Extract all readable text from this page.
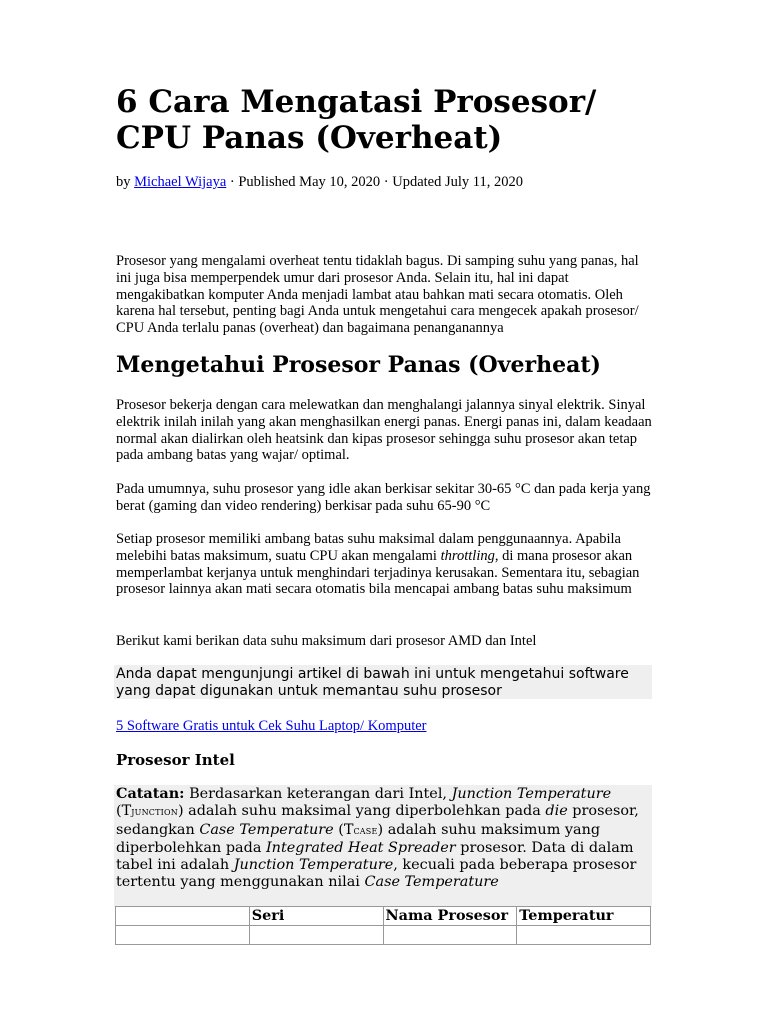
6 Cara Mengatasi Prosesor/ CPU Panas (Overheat)

by Michael Wijaya · Published May 10, 2020 · Updated July 11, 2020

Prosesor yang mengalami overheat tentu tidaklah bagus. Di samping suhu yang panas, hal ini juga bisa memperpendek umur dari prosesor Anda. Selain itu, hal ini dapat mengakibatkan komputer Anda menjadi lambat atau bahkan mati secara otomatis. Oleh karena hal tersebut, penting bagi Anda untuk mengetahui cara mengecek apakah prosesor/ CPU Anda terlalu panas (overheat) dan bagaimana penanganannya

Mengetahui Prosesor Panas (Overheat)

Prosesor bekerja dengan cara melewatkan dan menghalangi jalannya sinyal elektrik. Sinyal elektrik inilah inilah yang akan menghasilkan energi panas. Energi panas ini, dalam keadaan normal akan dialirkan oleh heatsink dan kipas prosesor sehingga suhu prosesor akan tetap pada ambang batas yang wajar/ optimal.

Pada umumnya, suhu prosesor yang idle akan berkisar sekitar 30-65 °C dan pada kerja yang berat (gaming dan video rendering) berkisar pada suhu 65-90 °C

Setiap prosesor memiliki ambang batas suhu maksimal dalam penggunaannya. Apabila melebihi batas maksimum, suatu CPU akan mengalami throttling, di mana prosesor akan memperlambat kerjanya untuk menghindari terjadinya kerusakan. Sementara itu, sebagian prosesor lainnya akan mati secara otomatis bila mencapai ambang batas suhu maksimum

Berikut kami berikan data suhu maksimum dari prosesor AMD dan Intel

Anda dapat mengunjungi artikel di bawah ini untuk mengetahui software yang dapat digunakan untuk memantau suhu prosesor

5 Software Gratis untuk Cek Suhu Laptop/ Komputer

Prosesor Intel

Catatan: Berdasarkan keterangan dari Intel, Junction Temperature (TJUNCTION) adalah suhu maksimal yang diperbolehkan pada die prosesor, sedangkan Case Temperature (TCASE) adalah suhu maksimum yang diperbolehkan pada Integrated Heat Spreader prosesor. Data di dalam tabel ini adalah Junction Temperature, kecuali pada beberapa prosesor tertentu yang menggunakan nilai Case Temperature

	Seri	Nama Prosesor	Temperatur
